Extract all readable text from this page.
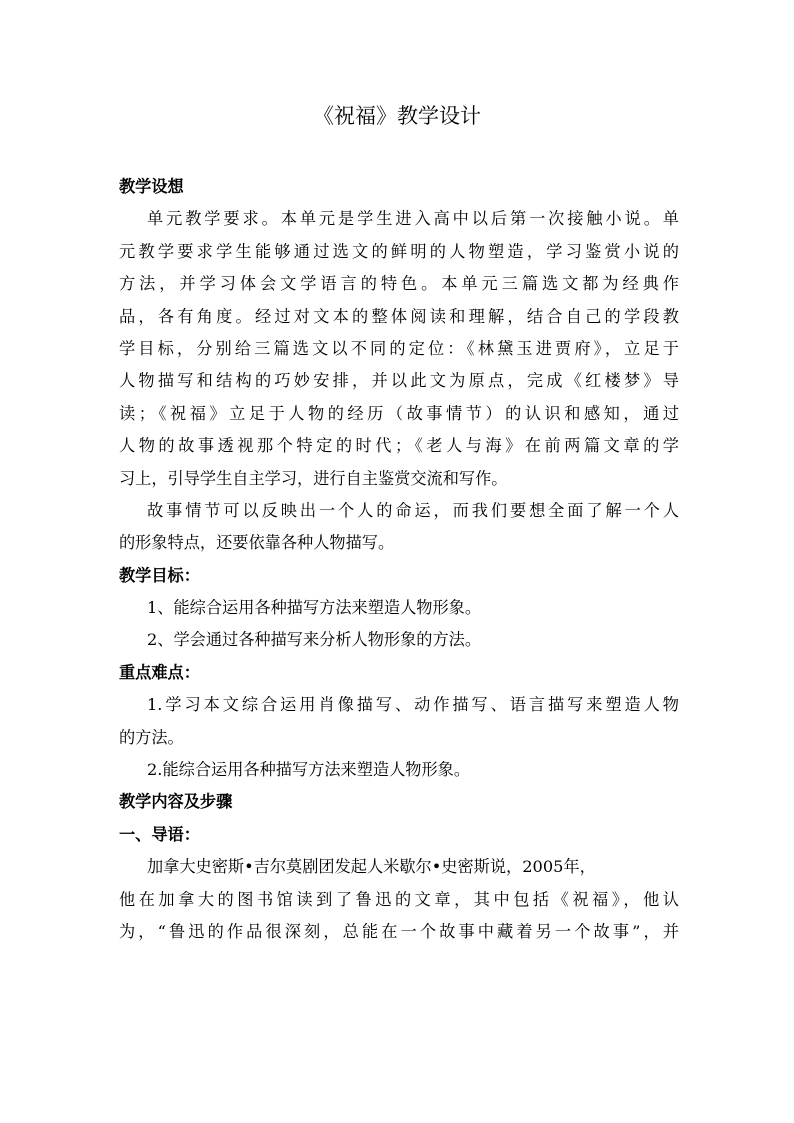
《祝福》教学设计
教学设想
单元教学要求。本单元是学生进入高中以后第一次接触小说。单
元教学要求学生能够通过选文的鲜明的人物塑造，学习鉴赏小说的
方法，并学习体会文学语言的特色。本单元三篇选文都为经典作
品，各有角度。经过对文本的整体阅读和理解，结合自己的学段教
学目标，分别给三篇选文以不同的定位：《林黛玉进贾府》，立足于
人物描写和结构的巧妙安排，并以此文为原点，完成《红楼梦》导
读；《祝福》立足于人物的经历（故事情节）的认识和感知，通过
人物的故事透视那个特定的时代；《老人与海》在前两篇文章的学
习上，引导学生自主学习，进行自主鉴赏交流和写作。
故事情节可以反映出一个人的命运，而我们要想全面了解一个人
的形象特点，还要依靠各种人物描写。
教学目标：
1、能综合运用各种描写方法来塑造人物形象。
2、学会通过各种描写来分析人物形象的方法。
重点难点：
1.学习本文综合运用肖像描写、动作描写、语言描写来塑造人物
的方法。
2.能综合运用各种描写方法来塑造人物形象。
教学内容及步骤
一、导语：
加拿大史密斯•吉尔莫剧团发起人米歇尔•史密斯说，2005年，
他在加拿大的图书馆读到了鲁迅的文章，其中包括《祝福》，他认
为，“鲁迅的作品很深刻，总能在一个故事中藏着另一个故事”，并
